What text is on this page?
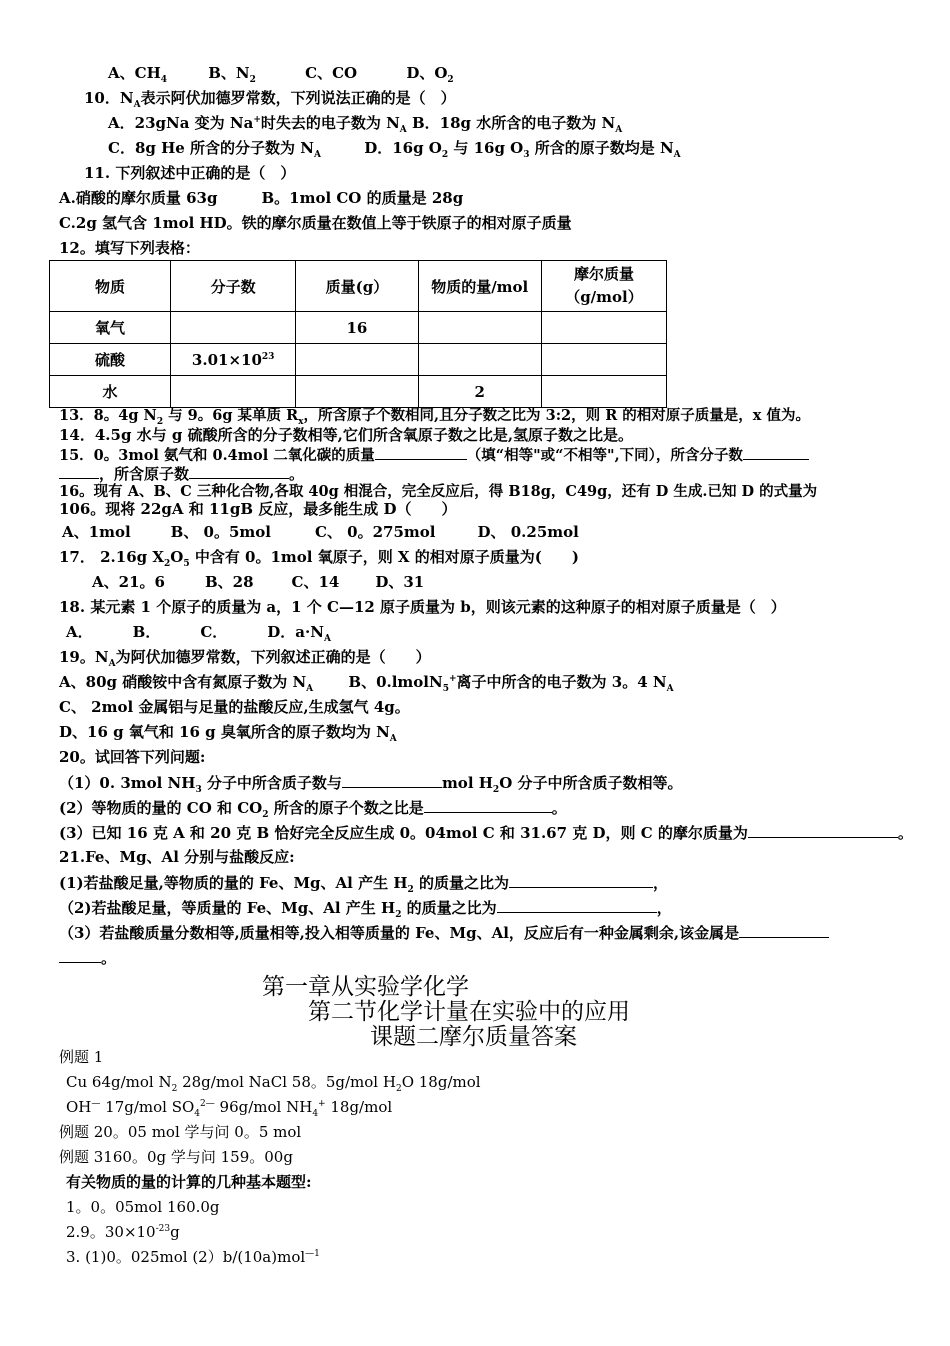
A、$CH_4$	B、$N_2$	C、CO	D、$O_2$
10．$N_A$表示阿伏加德罗常数，下列说法正确的是（　）
A．23gNa 变为 Na+时失去的电子数为 $N_A$ B．18g 水所含的电子数为 $N_A$
C．8g He 所含的分子数为 $N_A$	D．16g $O_2$ 与 16g $O_3$ 所含的原子数均是 $N_A$
11. 下列叙述中正确的是（　）
A.硝酸的摩尔质量 63g	B。1mol CO 的质量是 28g
C.2g 氢气含 1mol HD。铁的摩尔质量在数值上等于铁原子的相对原子质量
12。填写下列表格：
物质	分子数	质量(g）	物质的量/mol	摩尔质量
（g/mol）

氧气		16		
硫酸	$3.01\times 10^{23}$			
水			2	
13．8。4g $N_2$ 与 9。6g 某单质 $R_x$，所含原子个数相同,且分子数之比为 3:2，则 R 的相对原子质量是，x 值为。
14．4.5g 水与 g 硫酸所含的分子数相等,它们所含氧原子数之比是,氢原子数之比是。
15．0。3mol 氨气和 0.4mol 二氧化碳的质量	（填“相等"或“不相等",下同），所含分子数
，所含原子数	。
16。现有 A、B、C 三种化合物,各取 40g 相混合，完全反应后，得 B18g，C49g，还有 D 生成.已知 D 的式量为
106。现将 22gA 和 11gB 反应，最多能生成 D（　　）
A、1mol	B、 0。5mol	C、 0。275mol	D、 0.25mol
17． 2.16g $X_2O_5$ 中含有 0。1mol 氧原子，则 X 的相对原子质量为(　　)
A、21。6	B、28	C、14 D、31
18. 某元素 1 个原子的质量为 a，1 个 C—12 原子质量为 b，则该元素的这种原子的相对原子质量是（　）
A．	B．	C．	D．$a\cdot N_A$
19。$N_A$为阿伏加德罗常数，下列叙述正确的是（　　）
A、80g 硝酸铵中含有氮原子数为 $N_A$ B、0.lmolN$_5$+离子中所含的电子数为 3。4 $N_A$
C、 2mol 金属铝与足量的盐酸反应,生成氢气 4g。
D、16 g 氧气和 16 g 臭氧所含的原子数均为 $N_A$
20。试回答下列问题:
（1）0. 3mol $NH_3$ 分子中所含质子数与	mol $H_2O$ 分子中所含质子数相等。
(2）等物质的量的 CO 和 $CO_2$ 所含的原子个数之比是	。
(3）已知 16 克 A 和 20 克 B 恰好完全反应生成 0。04mol C 和 31.67 克 D，则 C 的摩尔质量为	。
21.Fe、Mg、Al 分别与盐酸反应:
(1)若盐酸足量,等物质的量的 Fe、Mg、Al 产生 $H_2$ 的质量之比为	，
（2)若盐酸足量，等质量的 Fe、Mg、Al 产生 $H_2$ 的质量之比为	，
（3）若盐酸质量分数相等,质量相等,投入相等质量的 Fe、Mg、Al，反应后有一种金属剩余,该金属是
。
第一章从实验学化学
第二节化学计量在实验中的应用
课题二摩尔质量答案
例题 1
Cu 64g/mol $N_2$ 28g/mol NaCl 58。5g/mol $H_2O$ 18g/mol
OH— 17g/mol $SO_4^{2—}$ 96g/mol $NH_4^+$ 18g/mol
例题 20。05 mol 学与问 0。5 mol
例题 3160。0g 学与问 159。00g
有关物质的量的计算的几种基本题型:
1。0。05mol 160.0g
2.9。$30\times 10^{-23}g$
3. (1)0。025mol (2）b/(10a)mol$^{—1}$
